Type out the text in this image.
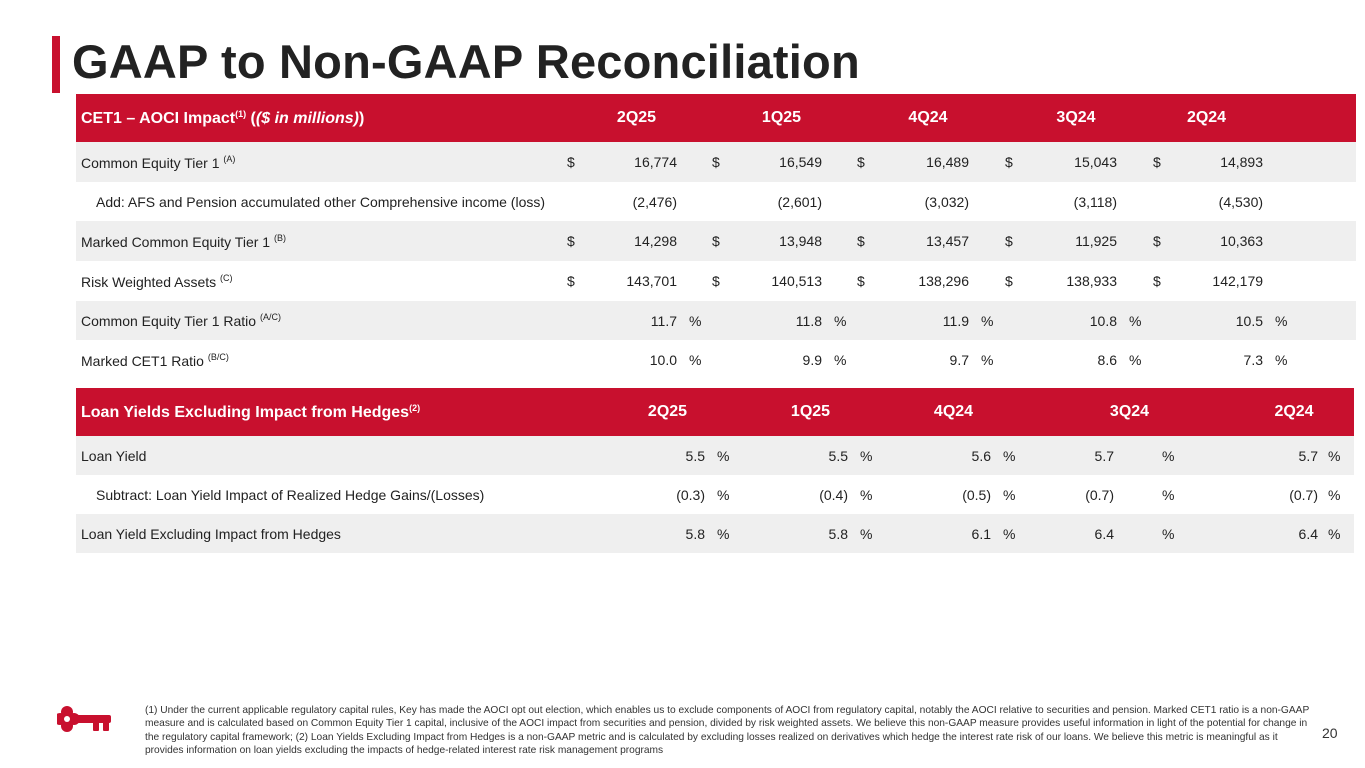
GAAP to Non-GAAP Reconciliation
CET1 – AOCI Impact$^{(1)}$ (($ in millions))	2Q25			1Q25			4Q24			3Q24			2Q24		
Common Equity Tier 1 $^{(A)}$	$	16,774		$	16,549		$	16,489		$	15,043		$	14,893	
Add: AFS and Pension accumulated other Comprehensive income (loss)		(2,476)			(2,601)			(3,032)			(3,118)			(4,530)	
Marked Common Equity Tier 1 $^{(B)}$	$	14,298		$	13,948		$	13,457		$	11,925		$	10,363	
Risk Weighted Assets $^{(C)}$	$	143,701		$	140,513		$	138,296		$	138,933		$	142,179	
Common Equity Tier 1 Ratio $^{(A/C)}$		11.7	%		11.8	%		11.9	%		10.8	%		10.5	%
Marked CET1 Ratio $^{(B/C)}$		10.0	%		9.9	%		9.7	%		8.6	%		7.3	%
Loan Yields Excluding Impact from Hedges$^{(2)}$	2Q25			1Q25			4Q24			3Q24			2Q24	
Loan Yield		5.5	%		5.5	%		5.6	%		5.7	%		5.7 %
Subtract: Loan Yield Impact of Realized Hedge Gains/(Losses)		(0.3)	%		(0.4)	%		(0.5)	%		(0.7)	%		(0.7) %
Loan Yield Excluding Impact from Hedges		5.8	%		5.8	%		6.1	%		6.4	%		6.4 %

(1) Under the current applicable regulatory capital rules, Key has made the AOCI opt out election, which enables us to exclude components of AOCI from regulatory capital, notably the AOCI relative to securities and pension. Marked CET1 ratio is a non-GAAP measure and is calculated based on Common Equity Tier 1 capital, inclusive of the AOCI impact from securities and pension, divided by risk weighted assets. We believe this non-GAAP measure provides useful information in light of the potential for change in the regulatory capital framework; (2) Loan Yields Excluding Impact from Hedges is a non-GAAP metric and is calculated by excluding losses realized on derivatives which hedge the interest rate risk of our loans. We believe this metric is meaningful as it provides information on loan yields excluding the impacts of hedge-related interest rate risk management programs

20
